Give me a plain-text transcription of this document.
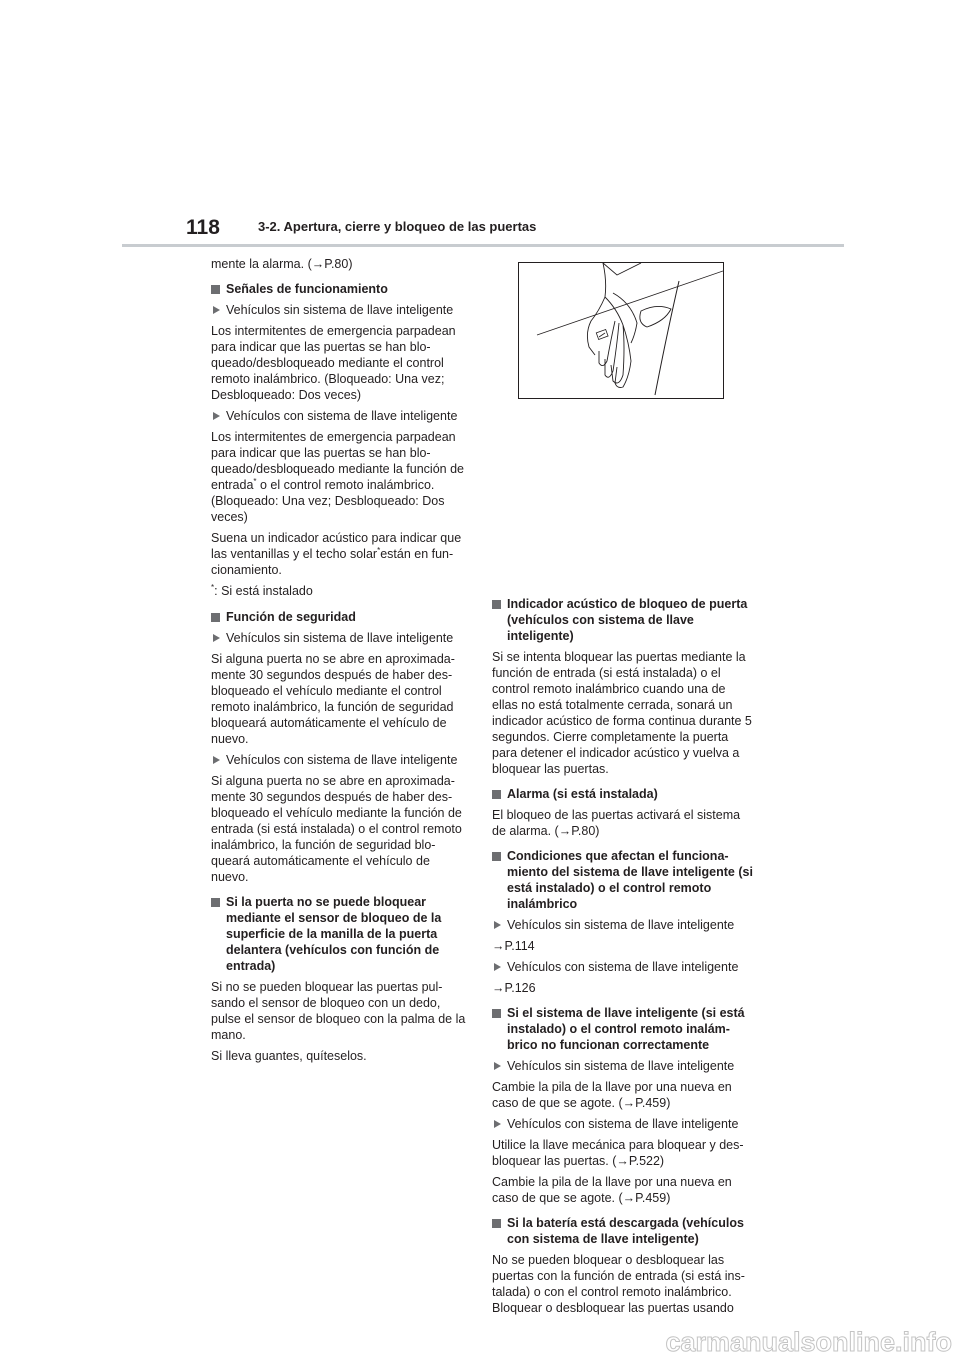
118	3-2. Apertura, cierre y bloqueo de las puertas
mente la alarma. (→P.80)
Señales de funcionamiento
Vehículos sin sistema de llave inteligente
Los intermitentes de emergencia parpadean para indicar que las puertas se han blo-queado/desbloqueado mediante el control remoto inalámbrico. (Bloqueado: Una vez; Desbloqueado: Dos veces)
Vehículos con sistema de llave inteligente
Los intermitentes de emergencia parpadean para indicar que las puertas se han blo-queado/desbloqueado mediante la función de entrada* o el control remoto inalámbrico. (Bloqueado: Una vez; Desbloqueado: Dos veces)
Suena un indicador acústico para indicar que las ventanillas y el techo solar*están en fun-cionamiento.
*: Si está instalado
Función de seguridad
Vehículos sin sistema de llave inteligente
Si alguna puerta no se abre en aproximada-mente 30 segundos después de haber des-bloqueado el vehículo mediante el control remoto inalámbrico, la función de seguridad bloqueará automáticamente el vehículo de nuevo.
Vehículos con sistema de llave inteligente
Si alguna puerta no se abre en aproximada-mente 30 segundos después de haber des-bloqueado el vehículo mediante la función de entrada (si está instalada) o el control remoto inalámbrico, la función de seguridad blo-queará automáticamente el vehículo de nuevo.
Si la puerta no se puede bloquear mediante el sensor de bloqueo de la superficie de la manilla de la puerta delantera (vehículos con función de entrada)
Si no se pueden bloquear las puertas pul-sando el sensor de bloqueo con un dedo, pulse el sensor de bloqueo con la palma de la mano.
Si lleva guantes, quíteselos.
Indicador acústico de bloqueo de puerta (vehículos con sistema de llave inteligente)
Si se intenta bloquear las puertas mediante la función de entrada (si está instalada) o el control remoto inalámbrico cuando una de ellas no está totalmente cerrada, sonará un indicador acústico de forma continua durante 5 segundos. Cierre completamente la puerta para detener el indicador acústico y vuelva a bloquear las puertas.
Alarma (si está instalada)
El bloqueo de las puertas activará el sistema de alarma. (→P.80)
Condiciones que afectan el funciona-miento del sistema de llave inteligente (si está instalado) o el control remoto inalámbrico
Vehículos sin sistema de llave inteligente
→P.114
Vehículos con sistema de llave inteligente
→P.126
Si el sistema de llave inteligente (si está instalado) o el control remoto inalám-brico no funcionan correctamente
Vehículos sin sistema de llave inteligente
Cambie la pila de la llave por una nueva en caso de que se agote. (→P.459)
Vehículos con sistema de llave inteligente
Utilice la llave mecánica para bloquear y des-bloquear las puertas. (→P.522)
Cambie la pila de la llave por una nueva en caso de que se agote. (→P.459)
Si la batería está descargada (vehículos con sistema de llave inteligente)
No se pueden bloquear o desbloquear las puertas con la función de entrada (si está ins-talada) o con el control remoto inalámbrico. Bloquear o desbloquear las puertas usando
carmanualsonline.info
